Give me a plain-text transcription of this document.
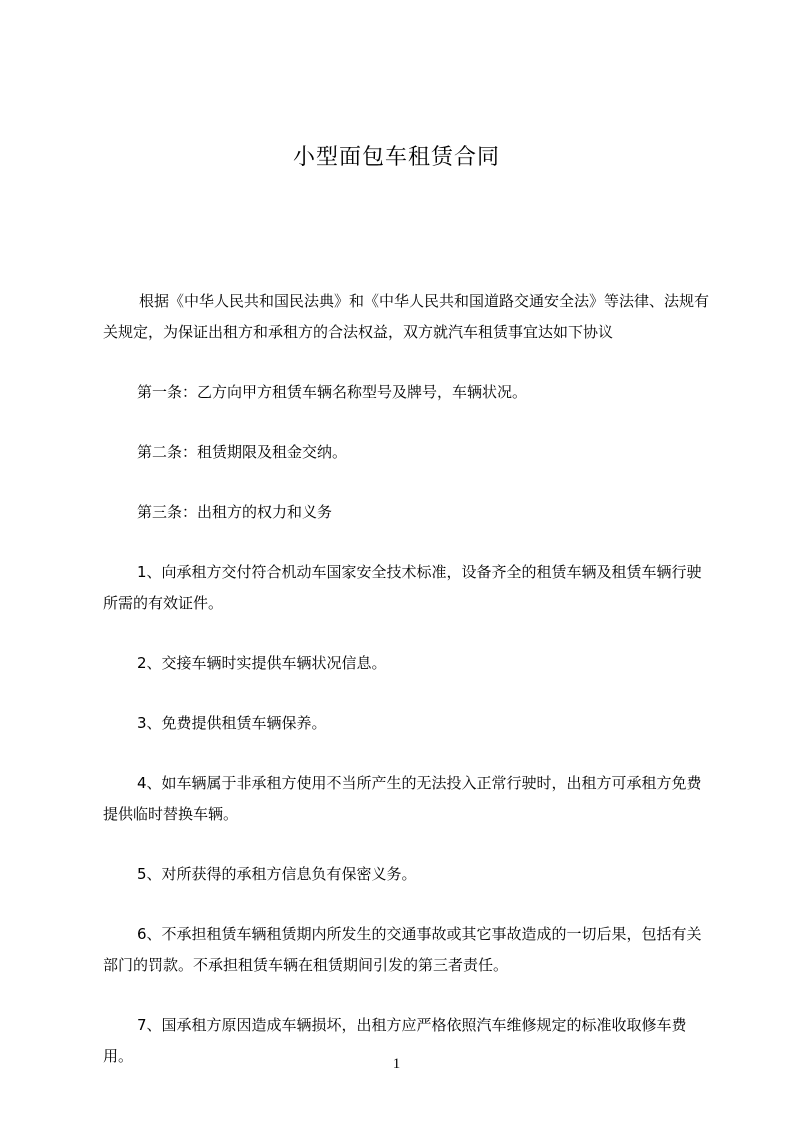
小型面包车租赁合同

根据《中华人民共和国民法典》和《中华人民共和国道路交通安全法》等法律、法规有关规定，为保证出租方和承租方的合法权益，双方就汽车租赁事宜达如下协议

第一条：乙方向甲方租赁车辆名称型号及牌号，车辆状况。

第二条：租赁期限及租金交纳。

第三条：出租方的权力和义务

1、向承租方交付符合机动车国家安全技术标准，设备齐全的租赁车辆及租赁车辆行驶所需的有效证件。

2、交接车辆时实提供车辆状况信息。

3、免费提供租赁车辆保养。

4、如车辆属于非承租方使用不当所产生的无法投入正常行驶时，出租方可承租方免费提供临时替换车辆。

5、对所获得的承租方信息负有保密义务。

6、不承担租赁车辆租赁期内所发生的交通事故或其它事故造成的一切后果，包括有关部门的罚款。不承担租赁车辆在租赁期间引发的第三者责任。

7、国承租方原因造成车辆损坏，出租方应严格依照汽车维修规定的标准收取修车费用。	1
